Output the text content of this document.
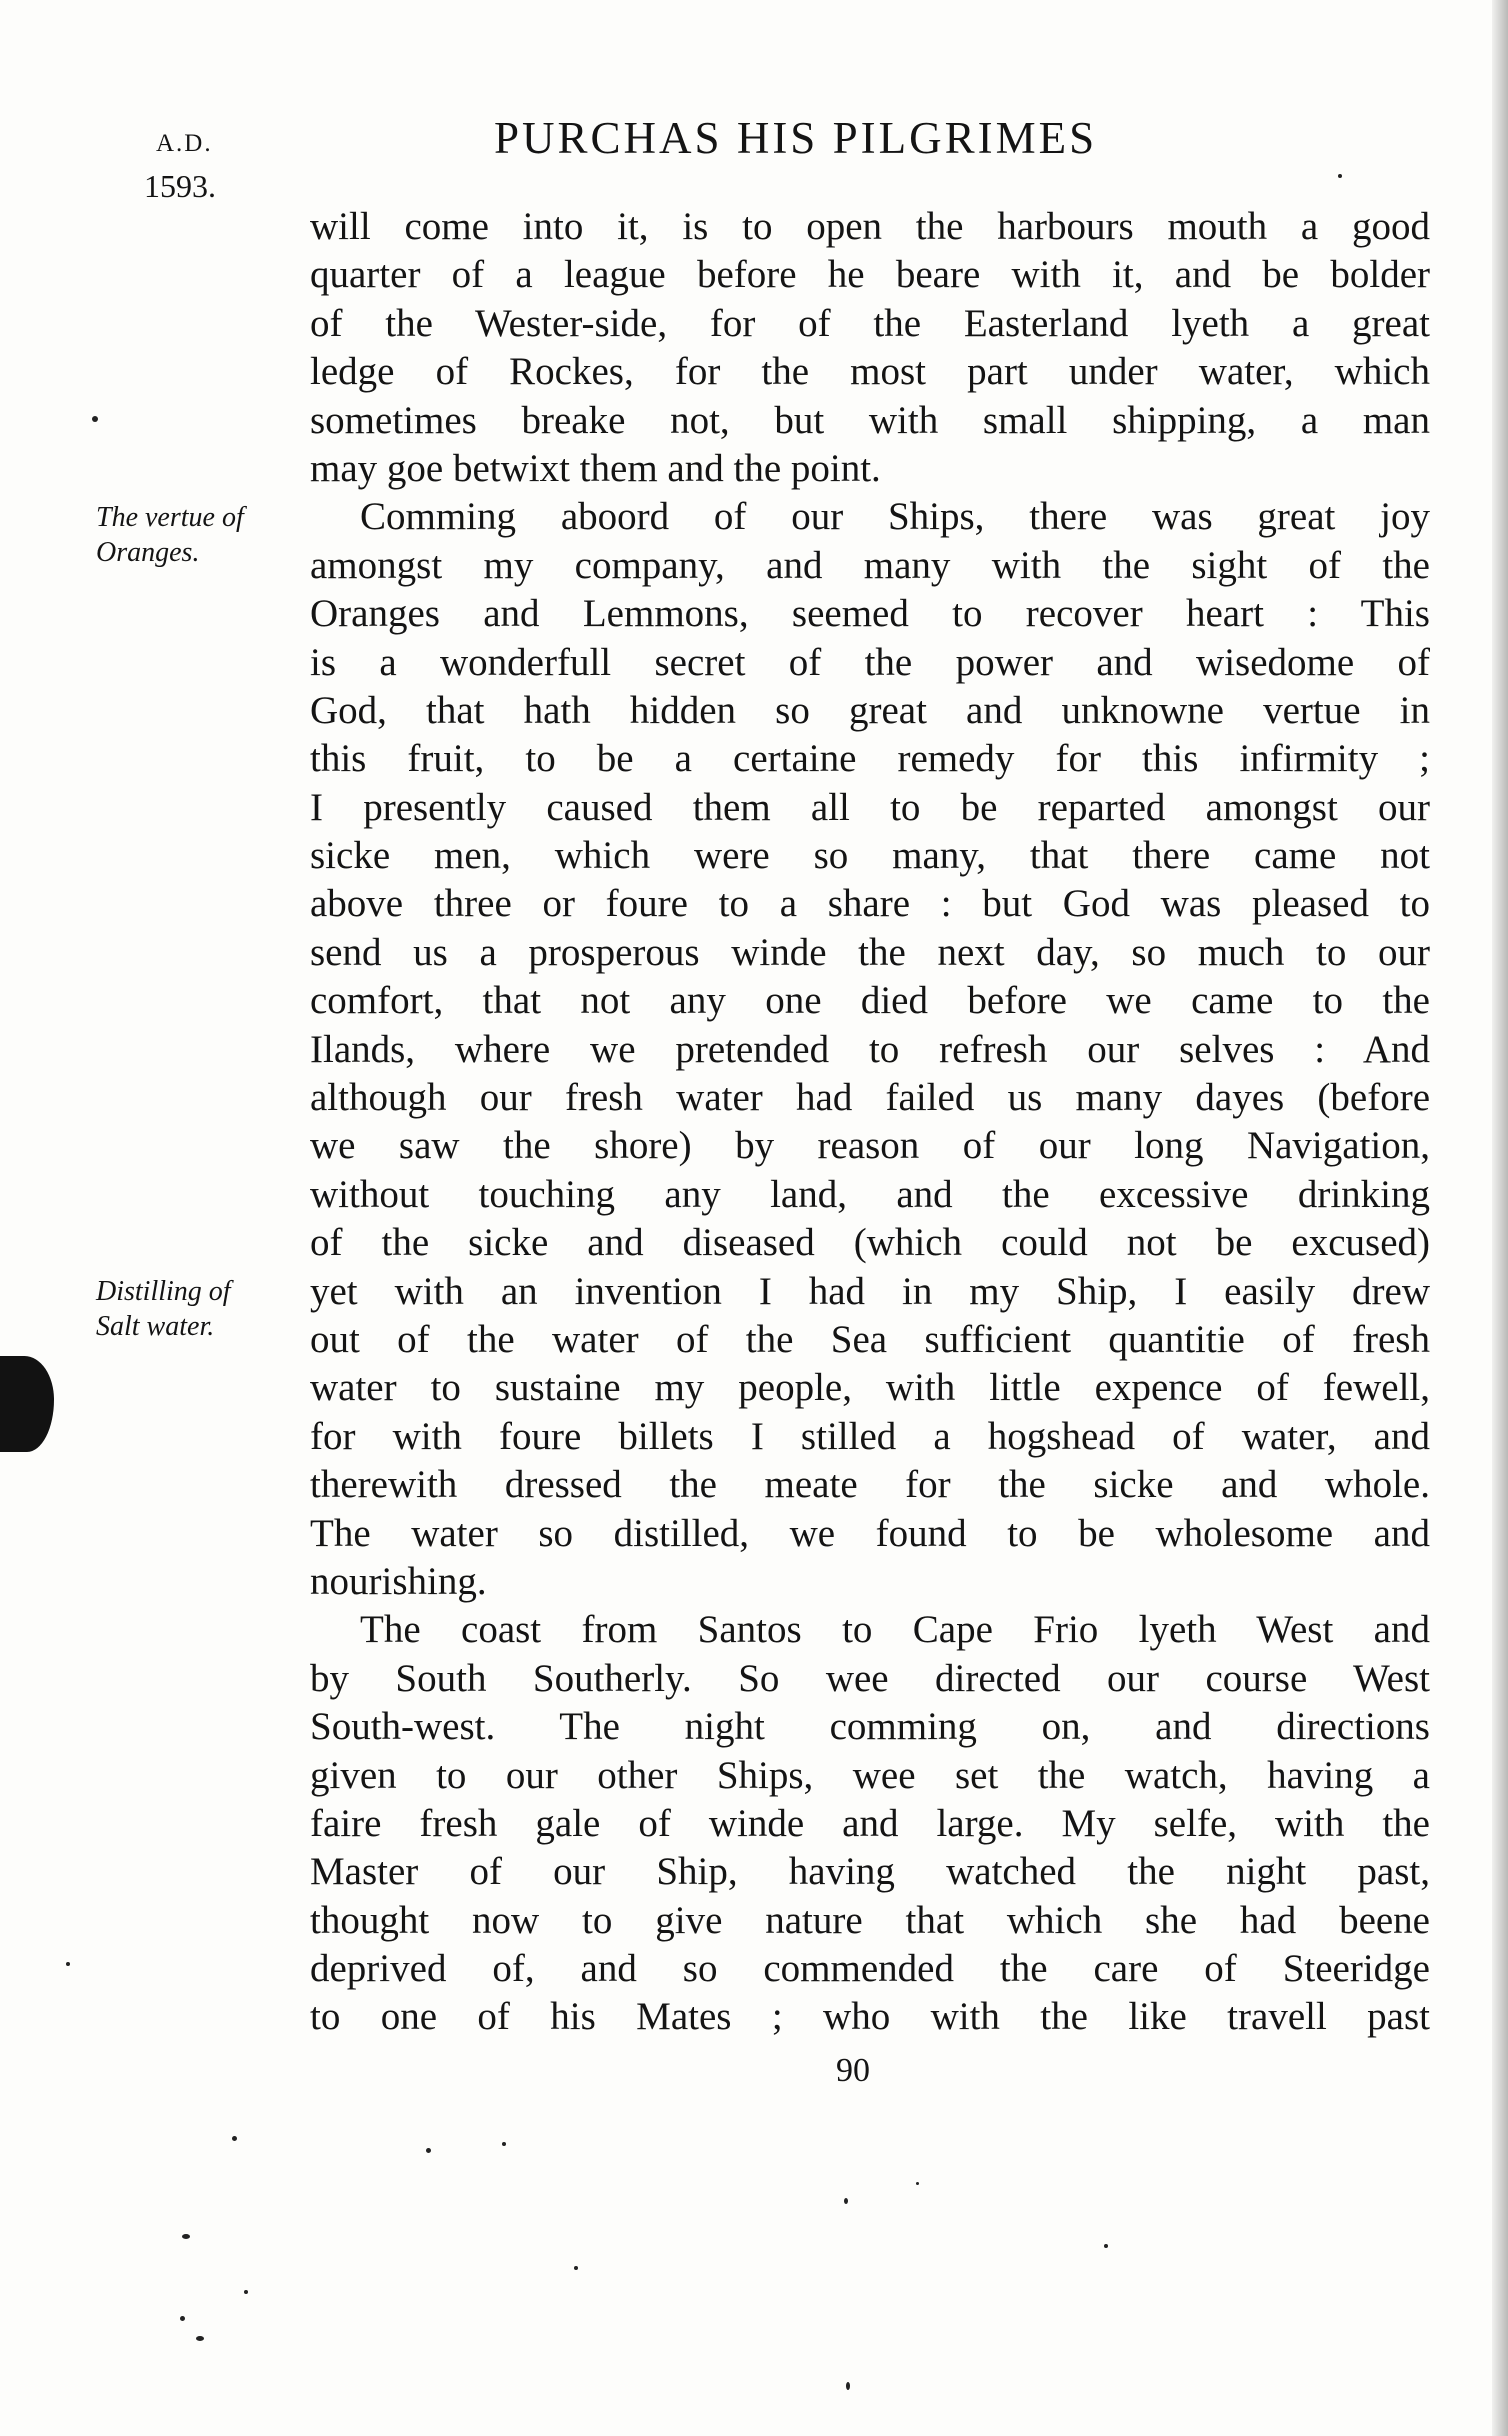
A.D.
1593.
PURCHAS HIS PILGRIMES
The vertue of
Oranges.
Distilling of
Salt water.
will come into it, is to open the harbours mouth a good
quarter of a league before he beare with it, and be bolder
of the Wester-side, for of the Easterland lyeth a great
ledge of Rockes, for the most part under water, which
sometimes breake not, but with small shipping, a man
may goe betwixt them and the point.
Comming aboord of our Ships, there was great joy
amongst my company, and many with the sight of the
Oranges and Lemmons, seemed to recover heart : This
is a wonderfull secret of the power and wisedome of
God, that hath hidden so great and unknowne vertue in
this fruit, to be a certaine remedy for this infirmity ;
I presently caused them all to be reparted amongst our
sicke men, which were so many, that there came not
above three or foure to a share : but God was pleased to
send us a prosperous winde the next day, so much to our
comfort, that not any one died before we came to the
Ilands, where we pretended to refresh our selves : And
although our fresh water had failed us many dayes (before
we saw the shore) by reason of our long Navigation,
without touching any land, and the excessive drinking
of the sicke and diseased (which could not be excused)
yet with an invention I had in my Ship, I easily drew
out of the water of the Sea sufficient quantitie of fresh
water to sustaine my people, with little expence of fewell,
for with foure billets I stilled a hogshead of water, and
therewith dressed the meate for the sicke and whole.
The water so distilled, we found to be wholesome and
nourishing.
The coast from Santos to Cape Frio lyeth West and
by South Southerly. So wee directed our course West
South-west. The night comming on, and directions
given to our other Ships, wee set the watch, having a
faire fresh gale of winde and large. My selfe, with the
Master of our Ship, having watched the night past,
thought now to give nature that which she had beene
deprived of, and so commended the care of Steeridge
to one of his Mates ; who with the like travell past
90
